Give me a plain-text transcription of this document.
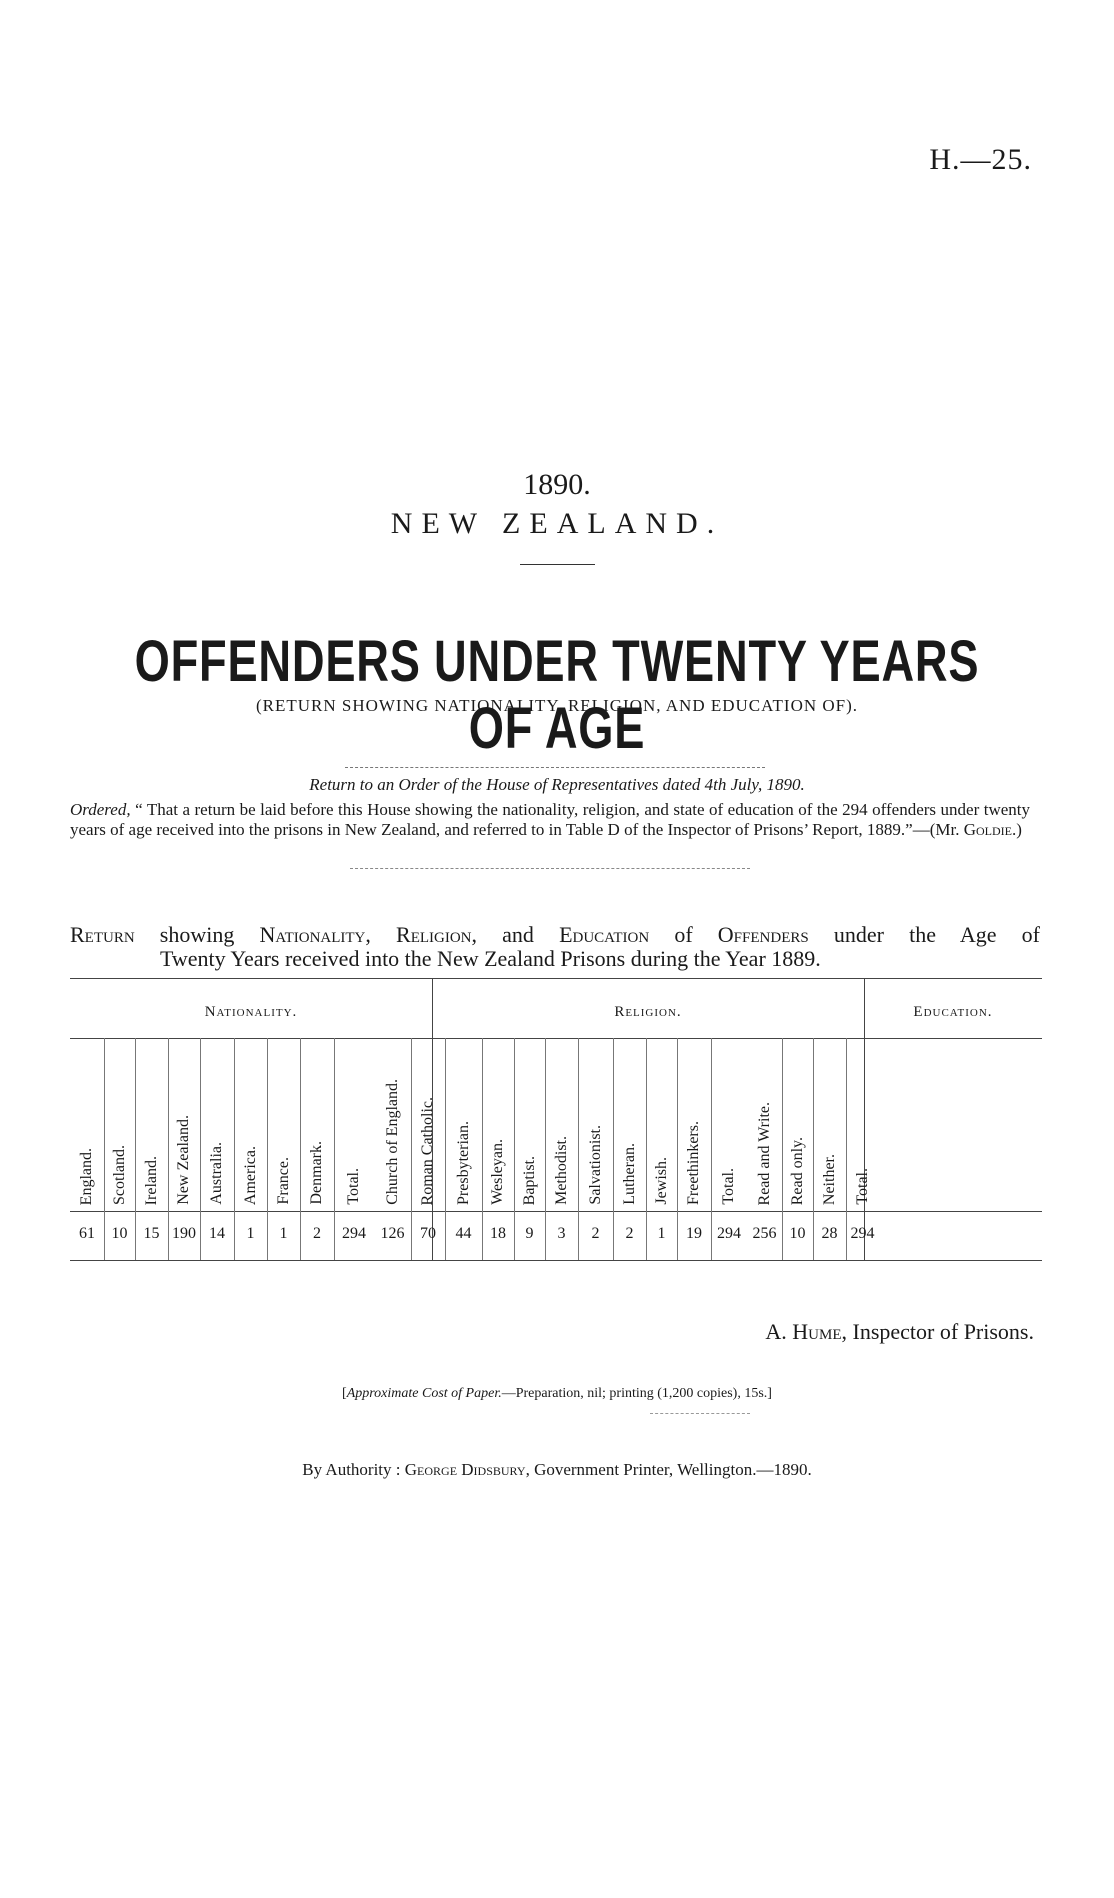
H.—25.
1890.
NEW ZEALAND.
OFFENDERS UNDER TWENTY YEARS OF AGE
(RETURN SHOWING NATIONALITY, RELIGION, AND EDUCATION OF).
Return to an Order of the House of Representatives dated 4th July, 1890.
Ordered, “ That a return be laid before this House showing the nationality, religion, and state of education of the 294 offenders under twenty years of age received into the prisons in New Zealand, and referred to in Table D of the Inspector of Prisons’ Report, 1889.”—(Mr. Goldie.)
Return showing Nationality, Religion, and Education of Offenders under the Age of
Twenty Years received into the New Zealand Prisons during the Year 1889.
Nationality.	Religion.	Education.
England.
61
Scotland.
10
Ireland.
15
New Zealand.
190
Australia.
14
America.
1
France.
1
Denmark.
2
Total.
294
Church of England.
126
Roman Catholic.
70
Presbyterian.
44
Wesleyan.
18
Baptist.
9
Methodist.
3
Salvationist.
2
Lutheran.
2
Jewish.
1
Freethinkers.
19
Total.
294
Read and Write.
256
Read only.
10
Neither.
28
Total.
294
A. Hume, Inspector of Prisons.
[Approximate Cost of Paper.—Preparation, nil; printing (1,200 copies), 15s.]
By Authority : George Didsbury, Government Printer, Wellington.—1890.
